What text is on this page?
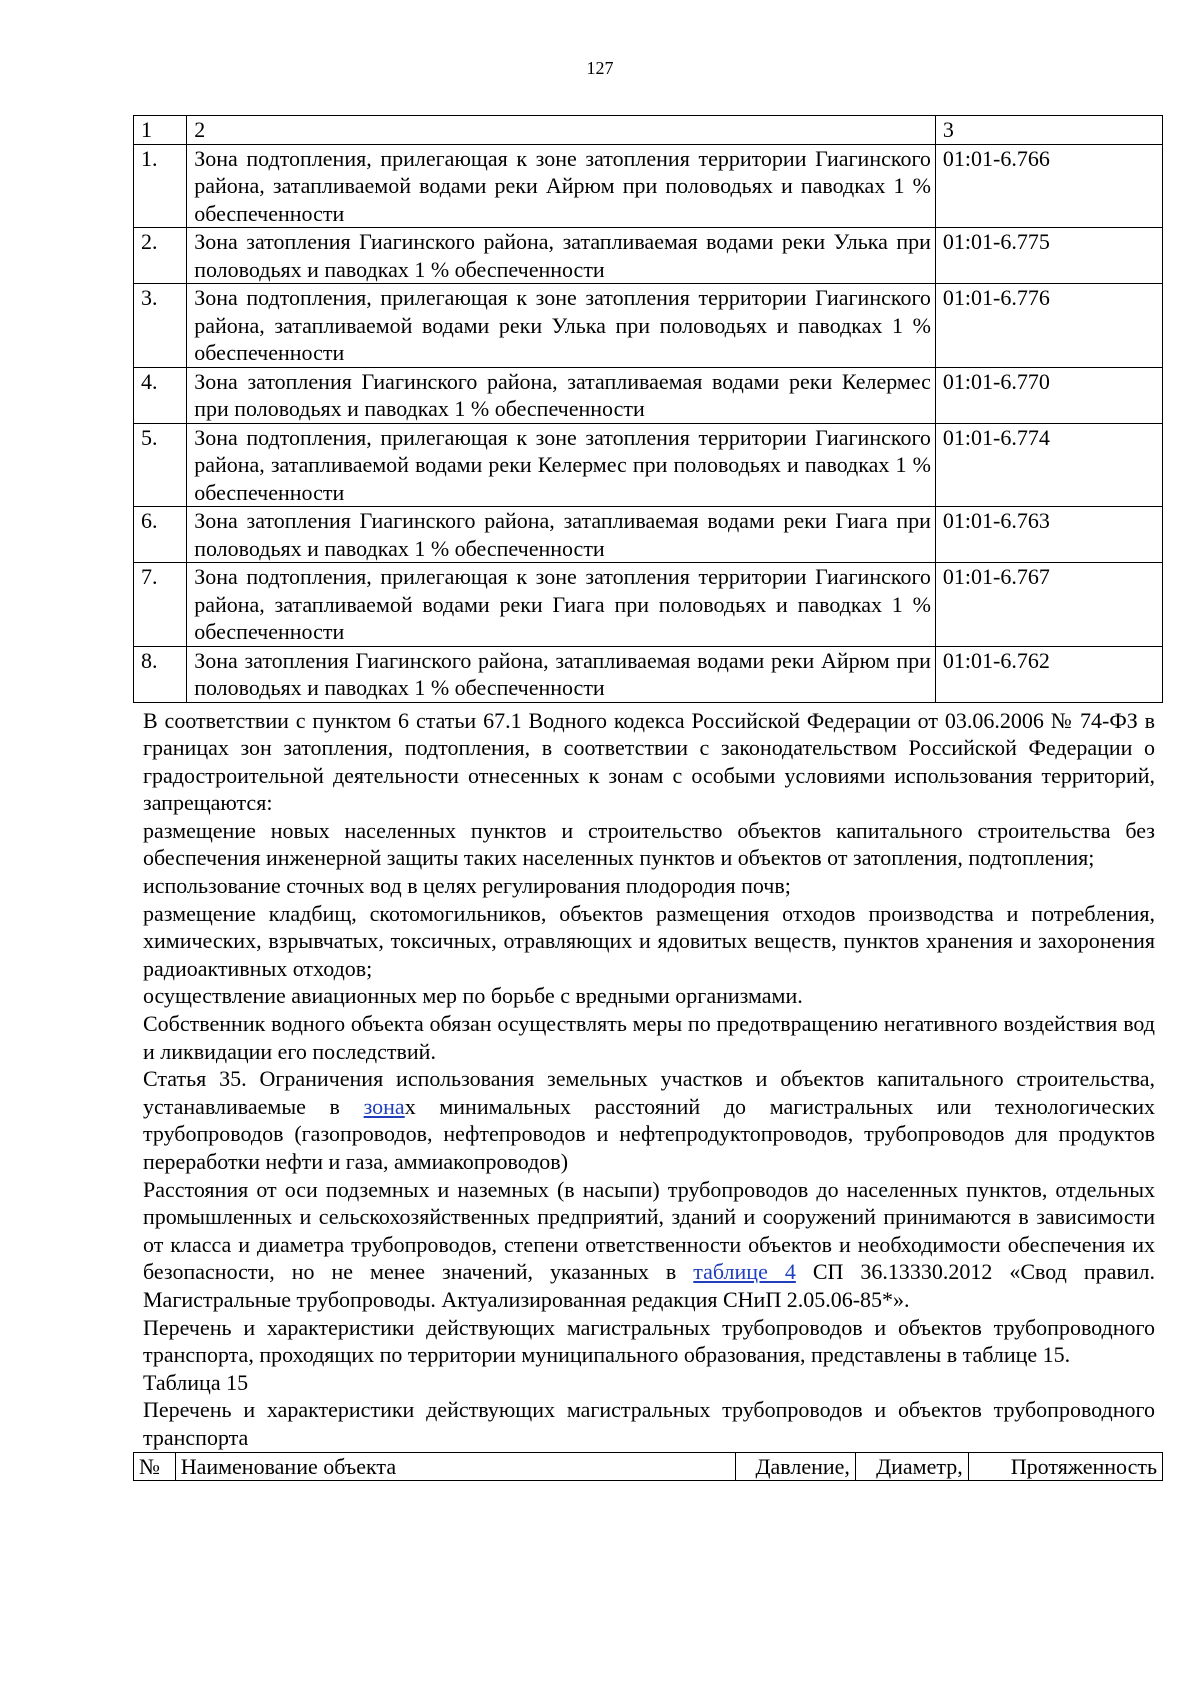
127
1	2	3
1.	Зона подтопления, прилегающая к зоне затопления территории Гиагинского района, затапливаемой водами реки Айрюм при половодьях и паводках 1 % обеспеченности	01:01-6.766
2.	Зона затопления Гиагинского района, затапливаемая водами реки Улька при половодьях и паводках 1 % обеспеченности	01:01-6.775
3.	Зона подтопления, прилегающая к зоне затопления территории Гиагинского района, затапливаемой водами реки Улька при половодьях и паводках 1 % обеспеченности	01:01-6.776
4.	Зона затопления Гиагинского района, затапливаемая водами реки Келермес при половодьях и паводках 1 % обеспеченности	01:01-6.770
5.	Зона подтопления, прилегающая к зоне затопления территории Гиагинского района, затапливаемой водами реки Келермес при половодьях и паводках 1 % обеспеченности	01:01-6.774
6.	Зона затопления Гиагинского района, затапливаемая водами реки Гиага при половодьях и паводках 1 % обеспеченности	01:01-6.763
7.	Зона подтопления, прилегающая к зоне затопления территории Гиагинского района, затапливаемой водами реки Гиага при половодьях и паводках 1 % обеспеченности	01:01-6.767
8.	Зона затопления Гиагинского района, затапливаемая водами реки Айрюм при половодьях и паводках 1 % обеспеченности	01:01-6.762

В соответствии с пунктом 6 статьи 67.1 Водного кодекса Российской Федерации от 03.06.2006 № 74-ФЗ в границах зон затопления, подтопления, в соответствии с законодательством Российской Федерации о градостроительной деятельности отнесенных к зонам с особыми условиями использования территорий, запрещаются:

размещение новых населенных пунктов и строительство объектов капитального строительства без обеспечения инженерной защиты таких населенных пунктов и объектов от затопления, подтопления;

использование сточных вод в целях регулирования плодородия почв;

размещение кладбищ, скотомогильников, объектов размещения отходов производства и потребления, химических, взрывчатых, токсичных, отравляющих и ядовитых веществ, пунктов хранения и захоронения радиоактивных отходов;

осуществление авиационных мер по борьбе с вредными организмами.

Собственник водного объекта обязан осуществлять меры по предотвращению негативного воздействия вод и ликвидации его последствий.

Статья 35. Ограничения использования земельных участков и объектов капитального строительства, устанавливаемые в зонах минимальных расстояний до магистральных или технологических трубопроводов (газопроводов, нефтепроводов и нефтепродуктопроводов, трубопроводов для продуктов переработки нефти и газа, аммиакопроводов)

Расстояния от оси подземных и наземных (в насыпи) трубопроводов до населенных пунктов, отдельных промышленных и сельскохозяйственных предприятий, зданий и сооружений принимаются в зависимости от класса и диаметра трубопроводов, степени ответственности объектов и необходимости обеспечения их безопасности, но не менее значений, указанных в таблице 4 СП 36.13330.2012 «Свод правил. Магистральные трубопроводы. Актуализированная редакция СНиП 2.05.06-85*».

Перечень и характеристики действующих магистральных трубопроводов и объектов трубопроводного транспорта, проходящих по территории муниципального образования, представлены в таблице 15.

Таблица 15

Перечень и характеристики действующих магистральных трубопроводов и объектов трубопроводного транспорта

№	Наименование объекта	Давление,	Диаметр,	Протяженность
